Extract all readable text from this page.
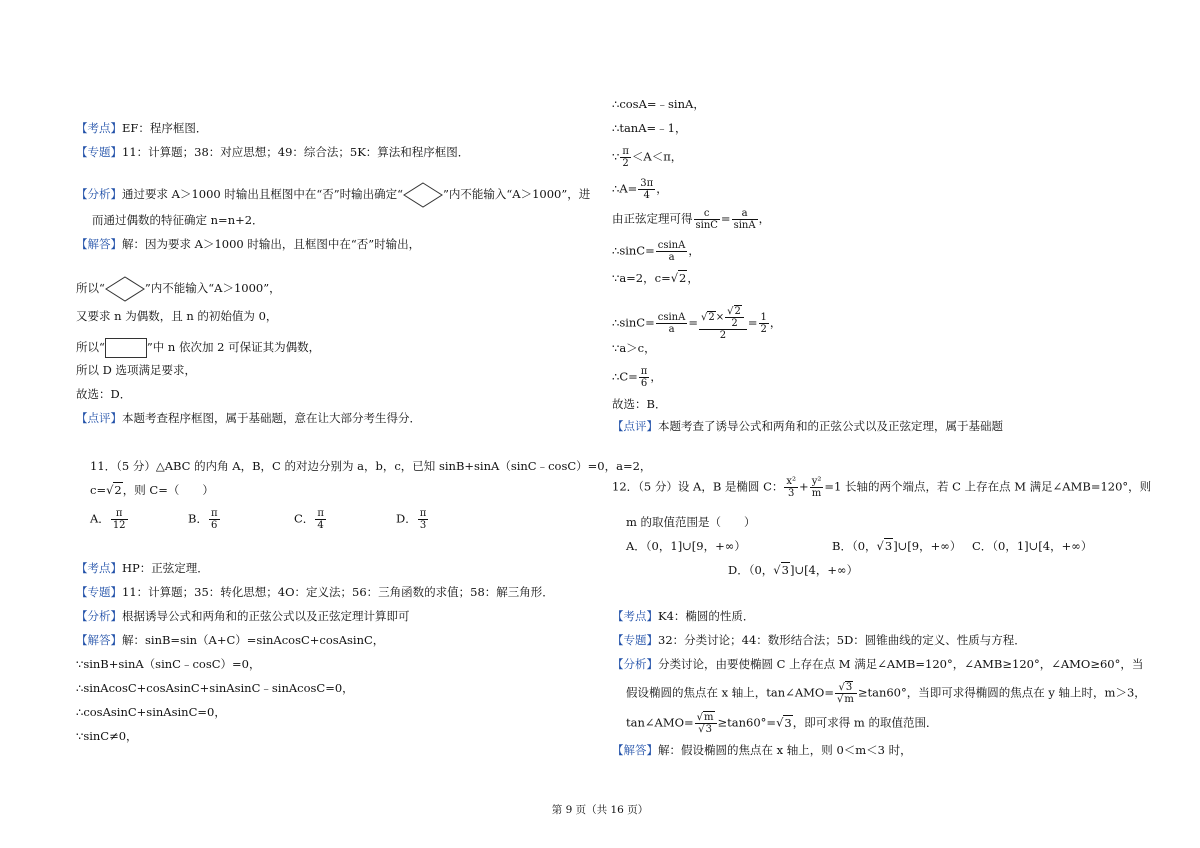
【考点】EF：程序框图．
【专题】11：计算题；38：对应思想；49：综合法；5K：算法和程序框图．
【分析】通过要求 A＞1000 时输出且框图中在“否”时输出确定“	”内不能输入“A＞1000”，进
而通过偶数的特征确定 n=n+2．
【解答】解：因为要求 A＞1000 时输出，且框图中在“否”时输出，
所以“	”内不能输入“A＞1000”，
又要求 n 为偶数，且 n 的初始值为 0，
所以“	”中 n 依次加 2 可保证其为偶数，
所以 D 选项满足要求，
故选：D．
【点评】本题考查程序框图，属于基础题，意在让大部分考生得分．
11．（5 分）△ABC 的内角 A，B，C 的对边分别为 a，b，c，已知 sinB+sinA（sinC﹣cosC）=0，a=2，
c=√2，则 C=（　　）
A． $\frac{\pi}{12}$	B． $\frac{\pi}{6}$	C． $\frac{\pi}{4}$	D． $\frac{\pi}{3}$
【考点】HP：正弦定理．
【专题】11：计算题；35：转化思想；4O：定义法；56：三角函数的求值；58：解三角形．
【分析】根据诱导公式和两角和的正弦公式以及正弦定理计算即可
【解答】解：sinB=sin（A+C）=sinAcosC+cosAsinC，
∵sinB+sinA（sinC﹣cosC）=0，
∴sinAcosC+cosAsinC+sinAsinC﹣sinAcosC=0，
∴cosAsinC+sinAsinC=0，
∵sinC≠0，
∴cosA=﹣sinA，
∴tanA=﹣1，
∵ $\frac{\pi}{2} <A<\pi$，
∴A= $\frac{3\pi}{4}$ ，
由正弦定理可得 $\frac{c}{\sin C} = \frac{a}{\sin A}$ ，
∴sinC= $\frac{csinA}{a}$ ，
∵a=2，c=√2，
∴sinC= $\frac{csinA}{a} = \frac{√2\times \frac{√2}{2}}{2} = \frac{1}{2}$ ，
∵a＞c，
∴C= $\frac{\pi}{6}$ ，
故选：B．
【点评】本题考查了诱导公式和两角和的正弦公式以及正弦定理，属于基础题
12．（5 分）设 A，B 是椭圆 C： $\frac{\text{x²}}{3} + \frac{\text{y²}}{m} =1$ 长轴的两个端点，若 C 上存在点 M 满足∠AMB=120°，则
m 的取值范围是（　　）
A．（0，1]∪[9，+∞）	B．（0，√3]∪[9，+∞） C．（0，1]∪[4，+∞）
D．（0，√3]∪[4，+∞）
【考点】K4：椭圆的性质．
【专题】32：分类讨论；44：数形结合法；5D：圆锥曲线的定义、性质与方程．
【分析】分类讨论，由要使椭圆 C 上存在点 M 满足∠AMB=120°，∠AMB≥120°，∠AMO≥60°，当
假设椭圆的焦点在 x 轴上，tan∠AMO= $\frac{√3}{√m} \ge\tan 60^\circ$，当即可求得椭圆的焦点在 y 轴上时，m＞3，
tan∠AMO= $\frac{√m}{√3} \ge\tan 60^\circ=√3$，即可求得 m 的取值范围．
【解答】解：假设椭圆的焦点在 x 轴上，则 0＜m＜3 时，
第 9 页（共 16 页）
